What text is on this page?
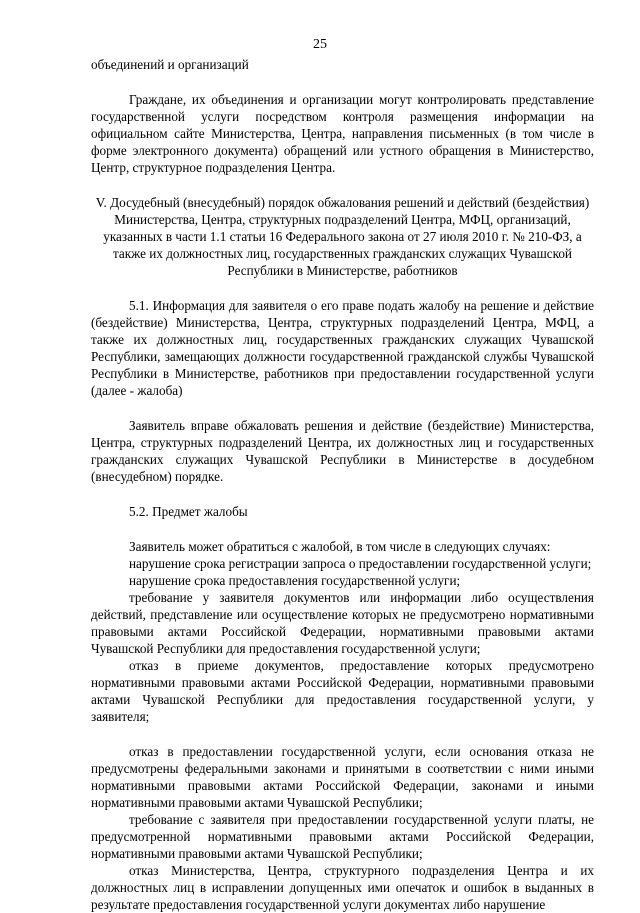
25

объединений и организаций

Граждане, их объединения и организации могут контролировать представление государственной услуги посредством контроля размещения информации на официальном сайте Министерства, Центра, направления письменных (в том числе в форме электронного документа) обращений или устного обращения в Министерство, Центр, структурное подразделения Центра.

V. Досудебный (внесудебный) порядок обжалования решений и действий (бездействия) Министерства, Центра, структурных подразделений Центра, МФЦ, организаций, указанных в части 1.1 статьи 16 Федерального закона от 27 июля 2010 г. № 210-ФЗ, а также их должностных лиц, государственных гражданских служащих Чувашской Республики в Министерстве, работников

5.1. Информация для заявителя о его праве подать жалобу на решение и действие (бездействие) Министерства, Центра, структурных подразделений Центра, МФЦ, а также их должностных лиц, государственных гражданских служащих Чувашской Республики, замещающих должности государственной гражданской службы Чувашской Республики в Министерстве, работников при предоставлении государственной услуги (далее - жалоба)

Заявитель вправе обжаловать решения и действие (бездействие) Министерства, Центра, структурных подразделений Центра, их должностных лиц и государственных гражданских служащих Чувашской Республики в Министерстве в досудебном (внесудебном) порядке.

5.2. Предмет жалобы

Заявитель может обратиться с жалобой, в том числе в следующих случаях:

нарушение срока регистрации запроса о предоставлении государственной услуги;

нарушение срока предоставления государственной услуги;

требование у заявителя документов или информации либо осуществления действий, представление или осуществление которых не предусмотрено нормативными правовыми актами Российской Федерации, нормативными правовыми актами Чувашской Республики для предоставления государственной услуги;

отказ в приеме документов, предоставление которых предусмотрено нормативными правовыми актами Российской Федерации, нормативными правовыми актами Чувашской Республики для предоставления государственной услуги, у заявителя;

отказ в предоставлении государственной услуги, если основания отказа не предусмотрены федеральными законами и принятыми в соответствии с ними иными нормативными правовыми актами Российской Федерации, законами и иными нормативными правовыми актами Чувашской Республики;

требование с заявителя при предоставлении государственной услуги платы, не предусмотренной нормативными правовыми актами Российской Федерации, нормативными правовыми актами Чувашской Республики;

отказ Министерства, Центра, структурного подразделения Центра и их должностных лиц в исправлении допущенных ими опечаток и ошибок в выданных в результате предоставления государственной услуги документах либо нарушение
